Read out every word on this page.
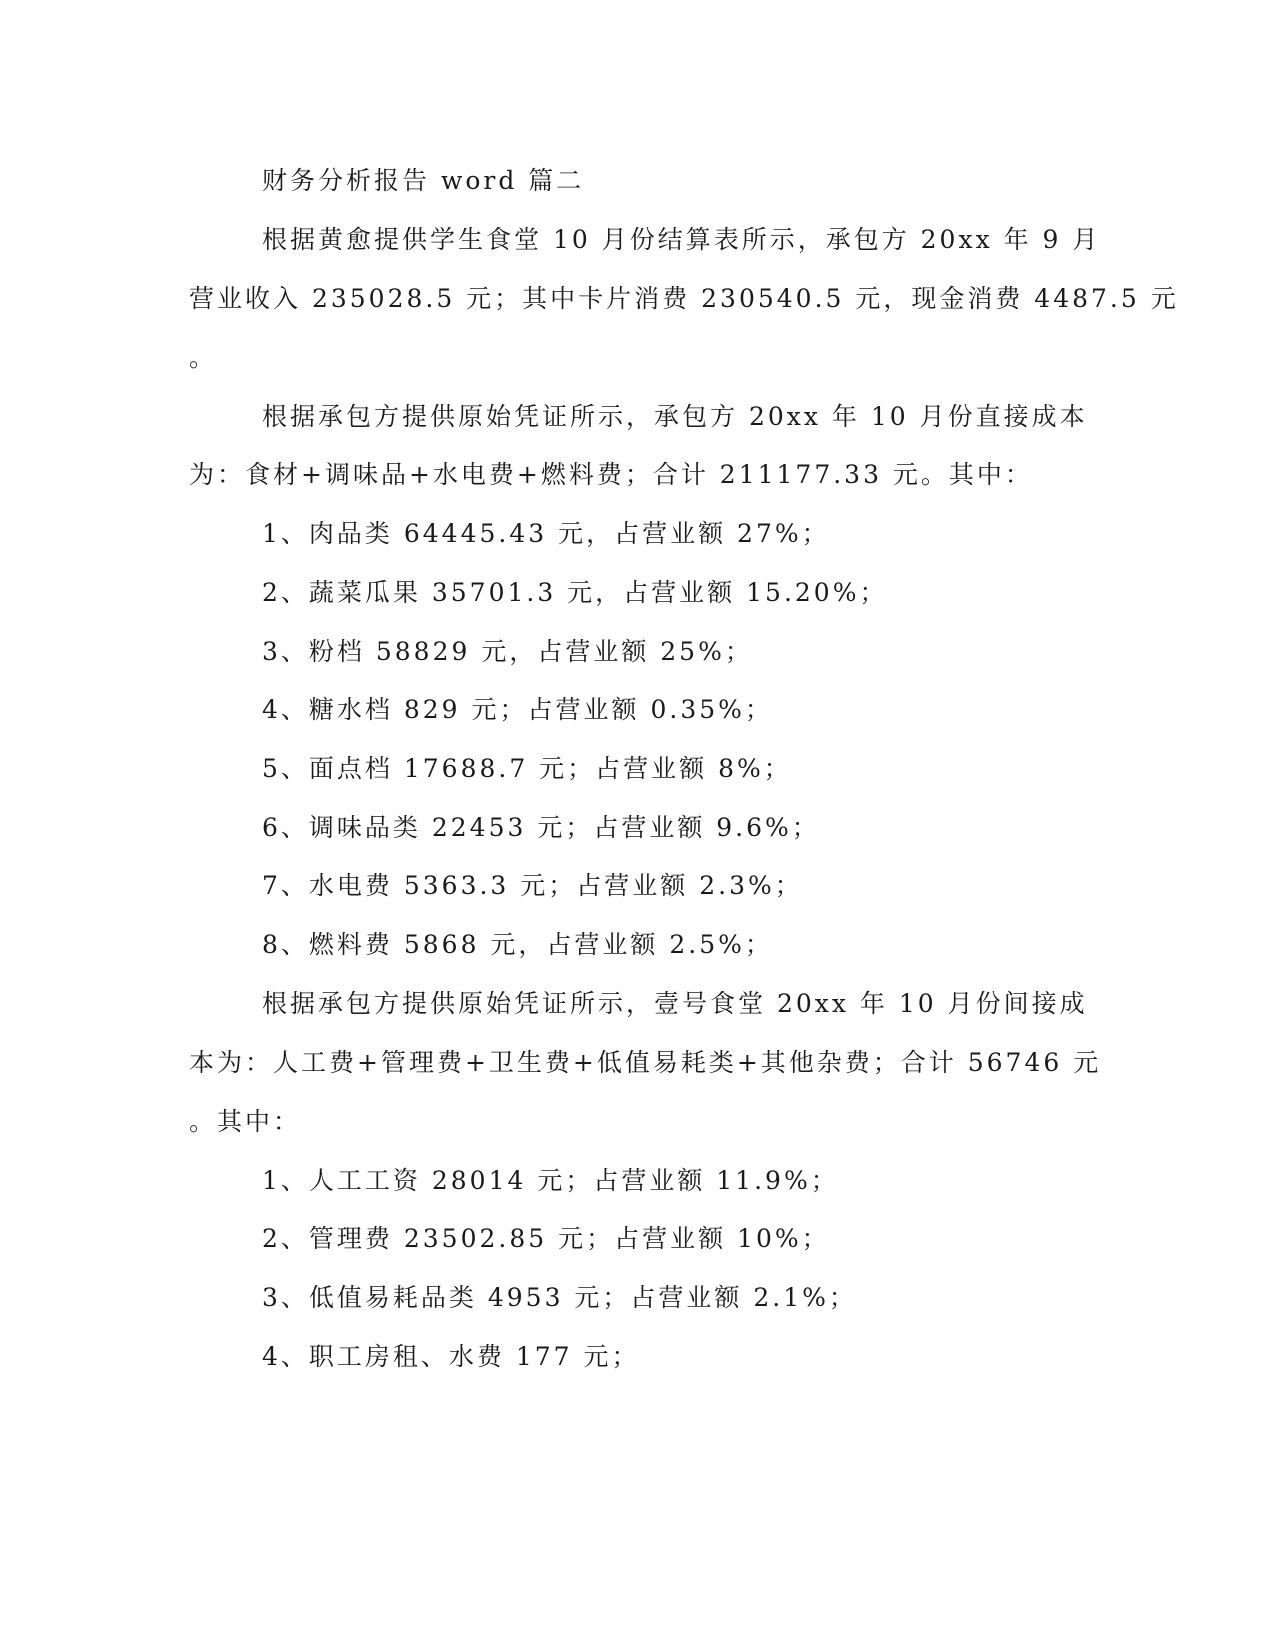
财务分析报告 word 篇二
根据黄愈提供学生食堂 10 月份结算表所示，承包方 20xx 年 9 月
营业收入 235028.5 元；其中卡片消费 230540.5 元，现金消费 4487.5 元
。
根据承包方提供原始凭证所示，承包方 20xx 年 10 月份直接成本
为：食材+调味品+水电费+燃料费；合计 211177.33 元。其中：
1、肉品类 64445.43 元，占营业额 27%；
2、蔬菜瓜果 35701.3 元，占营业额 15.20%；
3、粉档 58829 元，占营业额 25%；
4、糖水档 829 元；占营业额 0.35%；
5、面点档 17688.7 元；占营业额 8%；
6、调味品类 22453 元；占营业额 9.6%；
7、水电费 5363.3 元；占营业额 2.3%；
8、燃料费 5868 元，占营业额 2.5%；
根据承包方提供原始凭证所示，壹号食堂 20xx 年 10 月份间接成
本为：人工费+管理费+卫生费+低值易耗类+其他杂费；合计 56746 元
。其中：
1、人工工资 28014 元；占营业额 11.9%；
2、管理费 23502.85 元；占营业额 10%；
3、低值易耗品类 4953 元；占营业额 2.1%；
4、职工房租、水费 177 元；
